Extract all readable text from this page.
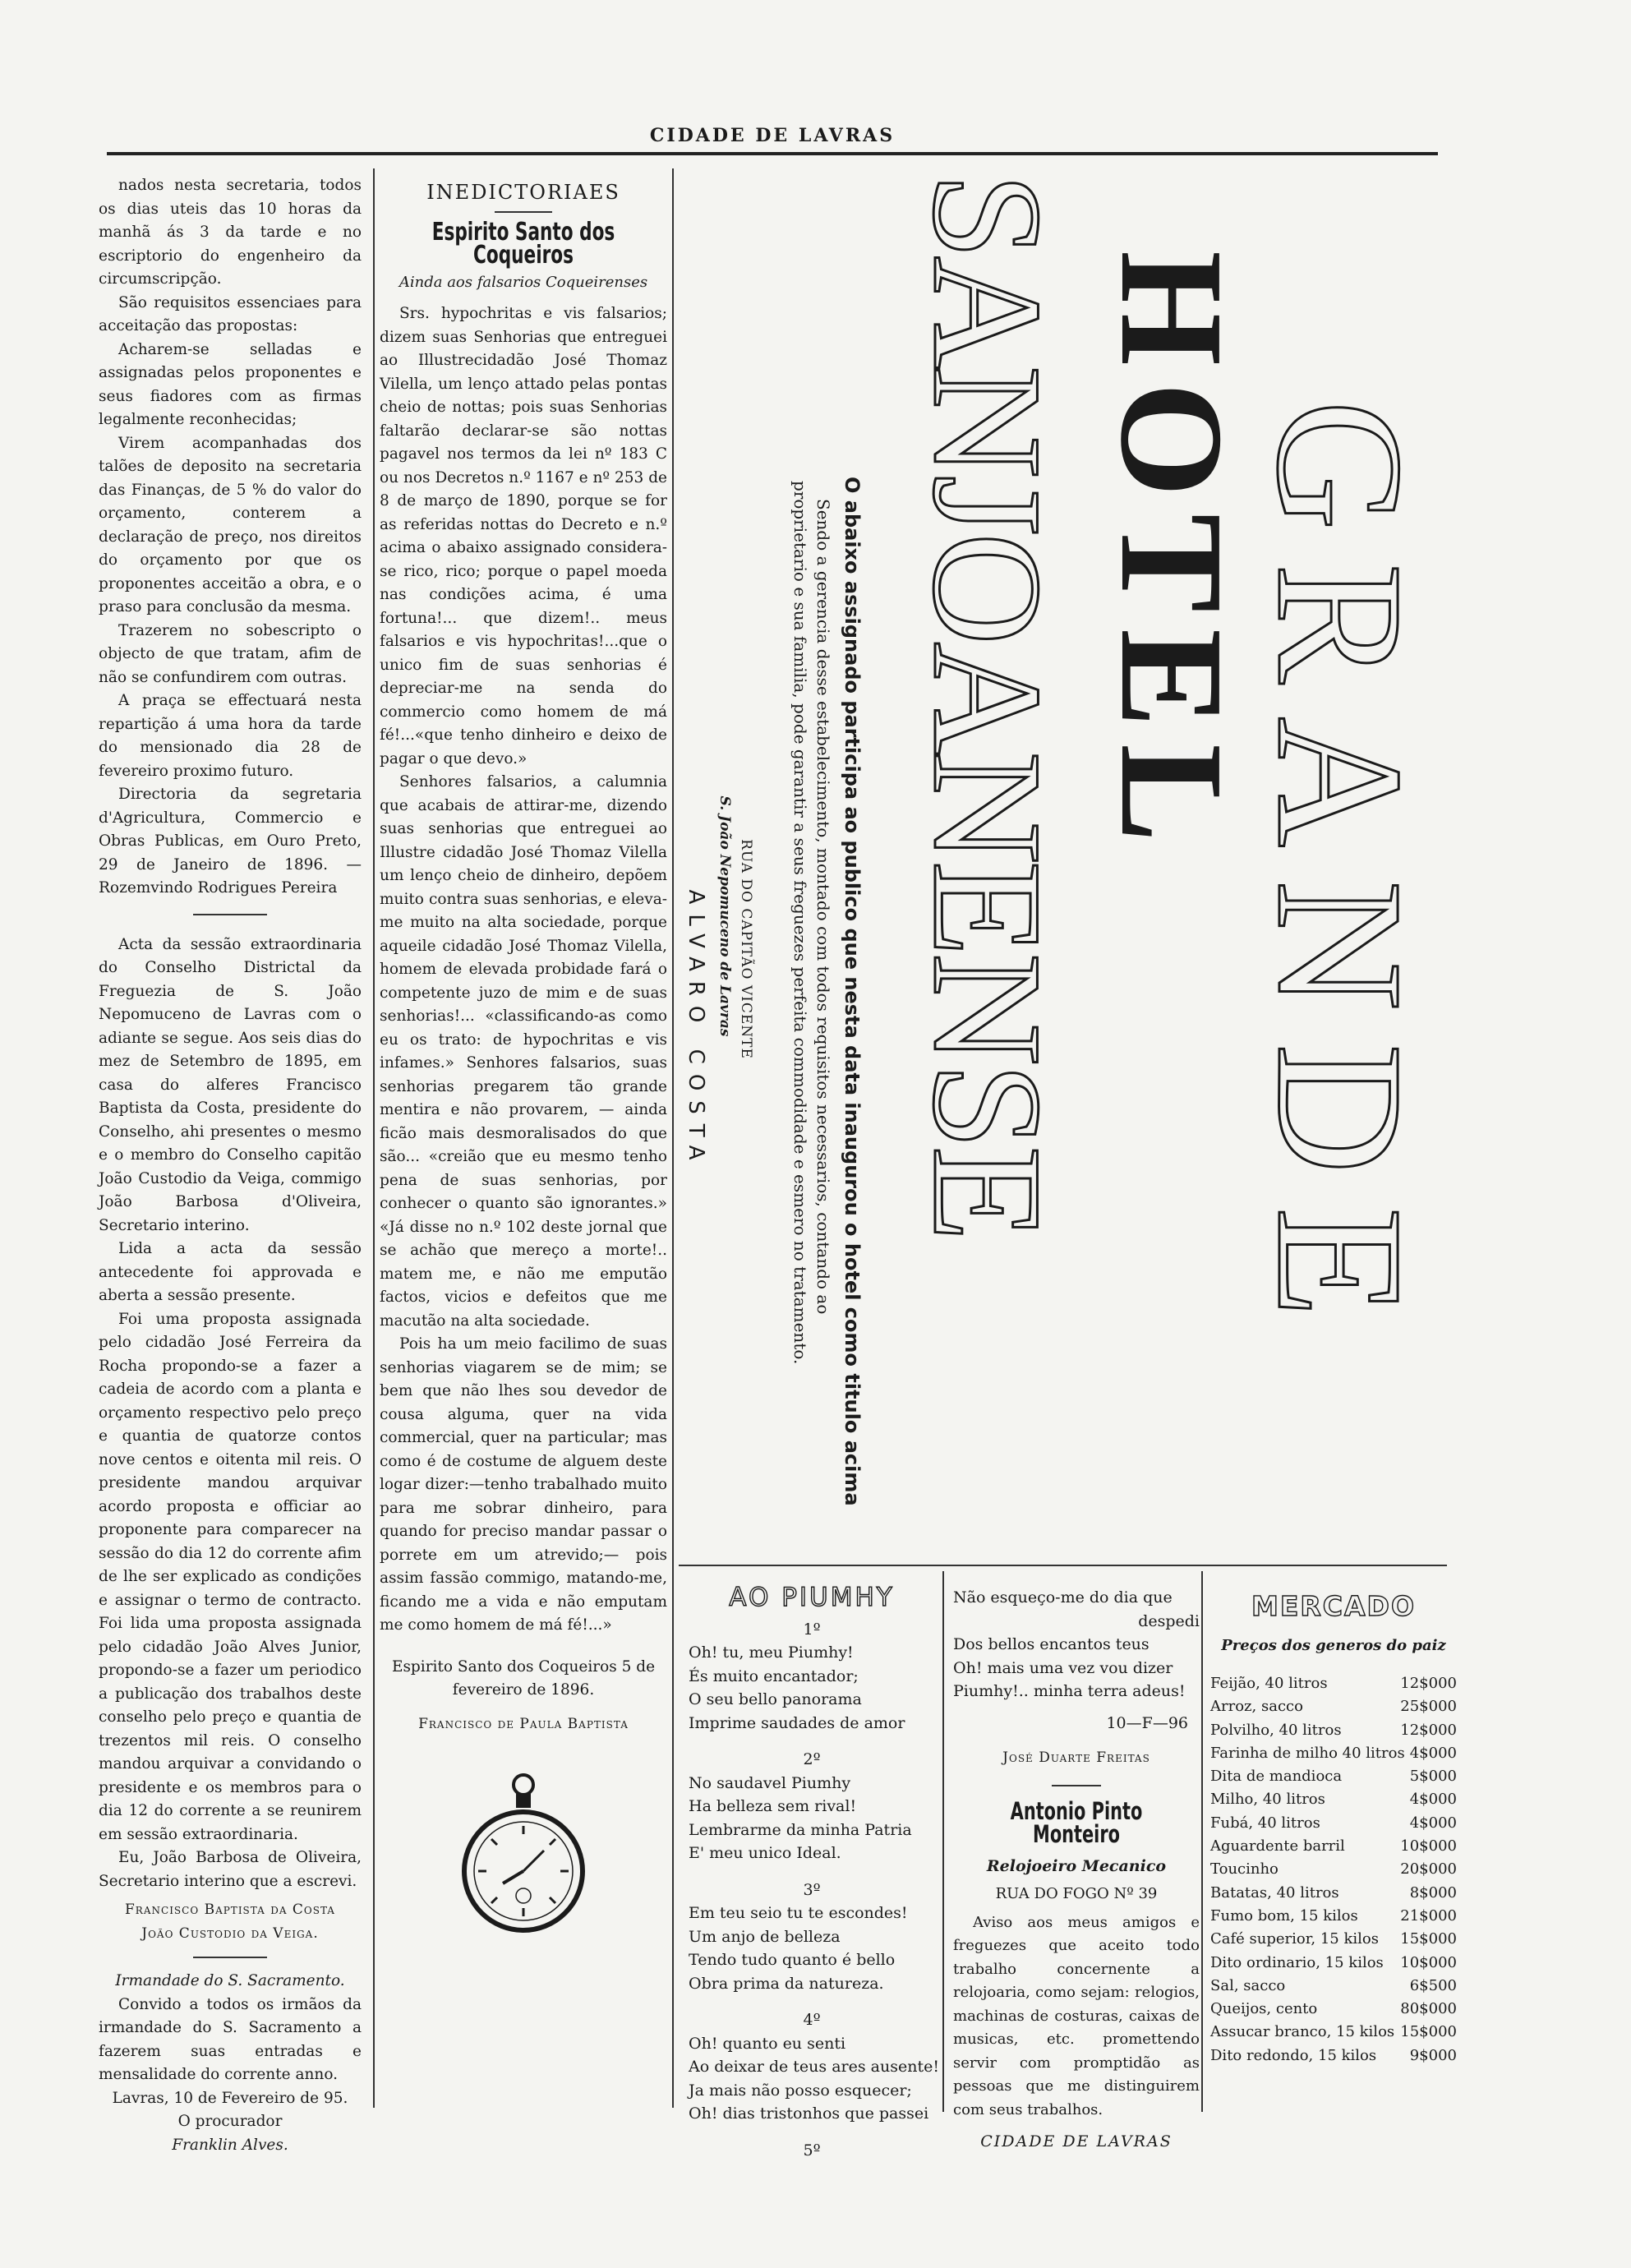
CIDADE DE LAVRAS

nados nesta secretaria, todos os dias uteis das 10 horas da manhã ás 3 da tarde e no escriptorio do engenheiro da circumscripção.

São requisitos essenciaes para acceitação das propostas:

Acharem-se selladas e assignadas pelos proponentes e seus fiadores com as firmas legalmente reconhecidas;

Virem acompanhadas dos talões de deposito na secretaria das Finanças, de 5 % do valor do orçamento, conterem a declaração de preço, nos direitos do orçamento por que os proponentes acceitão a obra, e o praso para conclusão da mesma.

Trazerem no sobescripto o objecto de que tratam, afim de não se confundirem com outras.

A praça se effectuará nesta repartição á uma hora da tarde do mensionado dia 28 de fevereiro proximo futuro.

Directoria da segretaria d'Agricultura, Commercio e Obras Publicas, em Ouro Preto, 29 de Janeiro de 1896. — Rozemvindo Rodrigues Pereira

Acta da sessão extraordinaria do Conselho Districtal da Freguezia de S. João Nepomuceno de Lavras com o adiante se segue. Aos seis dias do mez de Setembro de 1895, em casa do alferes Francisco Baptista da Costa, presidente do Conselho, ahi presentes o mesmo e o membro do Conselho capitão João Custodio da Veiga, commigo João Barbosa d'Oliveira, Secretario interino.

Lida a acta da sessão antecedente foi approvada e aberta a sessão presente.

Foi uma proposta assignada pelo cidadão José Ferreira da Rocha propondo-se a fazer a cadeia de acordo com a planta e orçamento respectivo pelo preço e quantia de quatorze contos nove centos e oitenta mil reis. O presidente mandou arquivar acordo proposta e officiar ao proponente para comparecer na sessão do dia 12 do corrente afim de lhe ser explicado as condições e assignar o termo de contracto. Foi lida uma proposta assignada pelo cidadão João Alves Junior, propondo-se a fazer um periodico a publicação dos trabalhos deste conselho pelo preço e quantia de trezentos mil reis. O conselho mandou arquivar a convidando o presidente e os membros para o dia 12 do corrente a se reunirem em sessão extraordinaria.

Eu, João Barbosa de Oliveira, Secretario interino que a escrevi.

Francisco Baptista da Costa
João Custodio da Veiga.
Irmandade do S. Sacramento.

Convido a todos os irmãos da irmandade do S. Sacramento a fazerem suas entradas e mensalidade do corrente anno.

Lavras, 10 de Fevereiro de 95.
O procurador
Franklin Alves.
INEDICTORIAES
Espirito Santo dos Coqueiros
Ainda aos falsarios Coqueirenses

Srs. hypochritas e vis falsarios; dizem suas Senhorias que entreguei ao Illustrecidadão José Thomaz Vilella, um lenço attado pelas pontas cheio de nottas; pois suas Senhorias faltarão declarar-se são nottas pagavel nos termos da lei nº 183 C ou nos Decretos n.º 1167 e nº 253 de 8 de março de 1890, porque se for as referidas nottas do Decreto e n.º acima o abaixo assignado considera-se rico, rico; porque o papel moeda nas condições acima, é uma fortuna!... que dizem!.. meus falsarios e vis hypochritas!...que o unico fim de suas senhorias é depreciar-me na senda do commercio como homem de má fé!...«que tenho dinheiro e deixo de pagar o que devo.»

Senhores falsarios, a calumnia que acabais de attirar-me, dizendo suas senhorias que entreguei ao Illustre cidadão José Thomaz Vilella um lenço cheio de dinheiro, depõem muito contra suas senhorias, e eleva-me muito na alta sociedade, porque aqueile cidadão José Thomaz Vilella, homem de elevada probidade fará o competente juzo de mim e de suas senhorias!... «classificando-as como eu os trato: de hypochritas e vis infames.» Senhores falsarios, suas senhorias pregarem tão grande mentira e não provarem, — ainda ficão mais desmoralisados do que são... «creião que eu mesmo tenho pena de suas senhorias, por conhecer o quanto são ignorantes.» «Já disse no n.º 102 deste jornal que se achão que mereço a morte!.. matem me, e não me emputão factos, vicios e defeitos que me macutão na alta sociedade.

Pois ha um meio facilimo de suas senhorias viagarem se de mim; se bem que não lhes sou devedor de cousa alguma, quer na vida commercial, quer na particular; mas como é de costume de alguem deste logar dizer:—tenho trabalhado muito para me sobrar dinheiro, para quando for preciso mandar passar o porrete em um atrevido;— pois assim fassão commigo, matando-me, ficando me a vida e não emputam me como homem de má fé!...»

Espirito Santo dos Coqueiros 5 de fevereiro de 1896.
Francisco de Paula Baptista
GRANDE
HOTEL
SANJOANENSE
O abaixo assignado participa ao publico que nesta data inaugurou o hotel como titulo acima
Sendo a gerencia desse estabelecimento, montado com todos requisitos necessarios, contando ao proprietario e sua familia, pode garantir a seus freguezes perfeita commodidade e esmero no tratamento.
RUA DO CAPITÃO VICENTE
S. João Nepomuceno de Lavras
ALVARO COSTA
AO PIUMHY
1º
Oh! tu, meu Piumhy!
És muito encantador;
O seu bello panorama
Imprime saudades de amor
2º
No saudavel Piumhy
Ha belleza sem rival!
Lembrarme da minha Patria
E' meu unico Ideal.
3º
Em teu seio tu te escondes!
Um anjo de belleza
Tendo tudo quanto é bello
Obra prima da natureza.
4º
Oh! quanto eu senti
Ao deixar de teus ares ausente!
Ja mais não posso esquecer;
Oh! dias tristonhos que passei
5º
Não esqueço-me do dia que
despedi
Dos bellos encantos teus
Oh! mais uma vez vou dizer
Piumhy!.. minha terra adeus!
10—F—96
José Duarte Freitas
Antonio Pinto Monteiro
Relojoeiro Mecanico
RUA DO FOGO Nº 39

Aviso aos meus amigos e freguezes que aceito todo trabalho concernente a relojoaria, como sejam: relogios, machinas de costuras, caixas de musicas, etc. promettendo servir com promptidão as pessoas que me distinguirem com seus trabalhos.

CIDADE DE LAVRAS
MERCADO
Preços dos generos do paiz
Feijão, 40 litros	12$000
Arroz, sacco	25$000
Polvilho, 40 litros	12$000
Farinha de milho 40 litros 4$000
Dita de mandioca	5$000
Milho, 40 litros	4$000
Fubá, 40 litros	4$000
Aguardente barril	10$000
Toucinho	20$000
Batatas, 40 litros	8$000
Fumo bom, 15 kilos	21$000
Café superior, 15 kilos 15$000
Dito ordinario, 15 kilos 10$000
Sal, sacco	6$500
Queijos, cento	80$000
Assucar branco, 15 kilos 15$000
Dito redondo, 15 kilos 9$000
